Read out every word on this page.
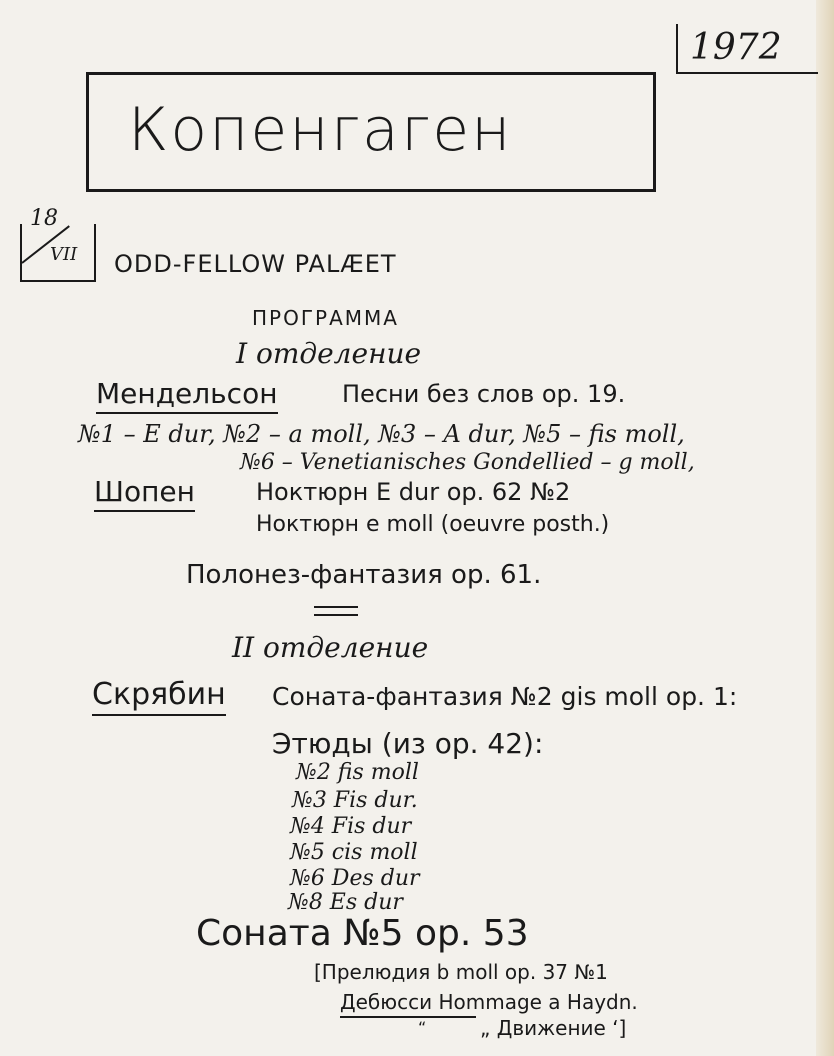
1972
Копенгаген
18
VII ODD-FELLOW PALÆET
ПРОГРАММА
I отделение
Мендельсон	Песни без слов op. 19.
№1 – E dur, №2 – a moll, №3 – A dur, №5 – fis moll,
№6 – Venetianisches Gondellied – g moll,
Шопен	Ноктюрн E dur op. 62 №2
Ноктюрн e moll (oeuvre posth.)
Полонез-фантазия op. 61.
II отделение
Скрябин Соната-фантазия №2 gis moll op. 1:
Этюды (из op. 42):
№2 fis moll
№3 Fis dur.
№4 Fis dur
№5 cis moll
№6 Des dur
№8 Es dur
Соната №5 op. 53
[Прелюдия b moll op. 37 №1
Дебюсси Hommage a Haydn.
“	„ Движение ‘]
